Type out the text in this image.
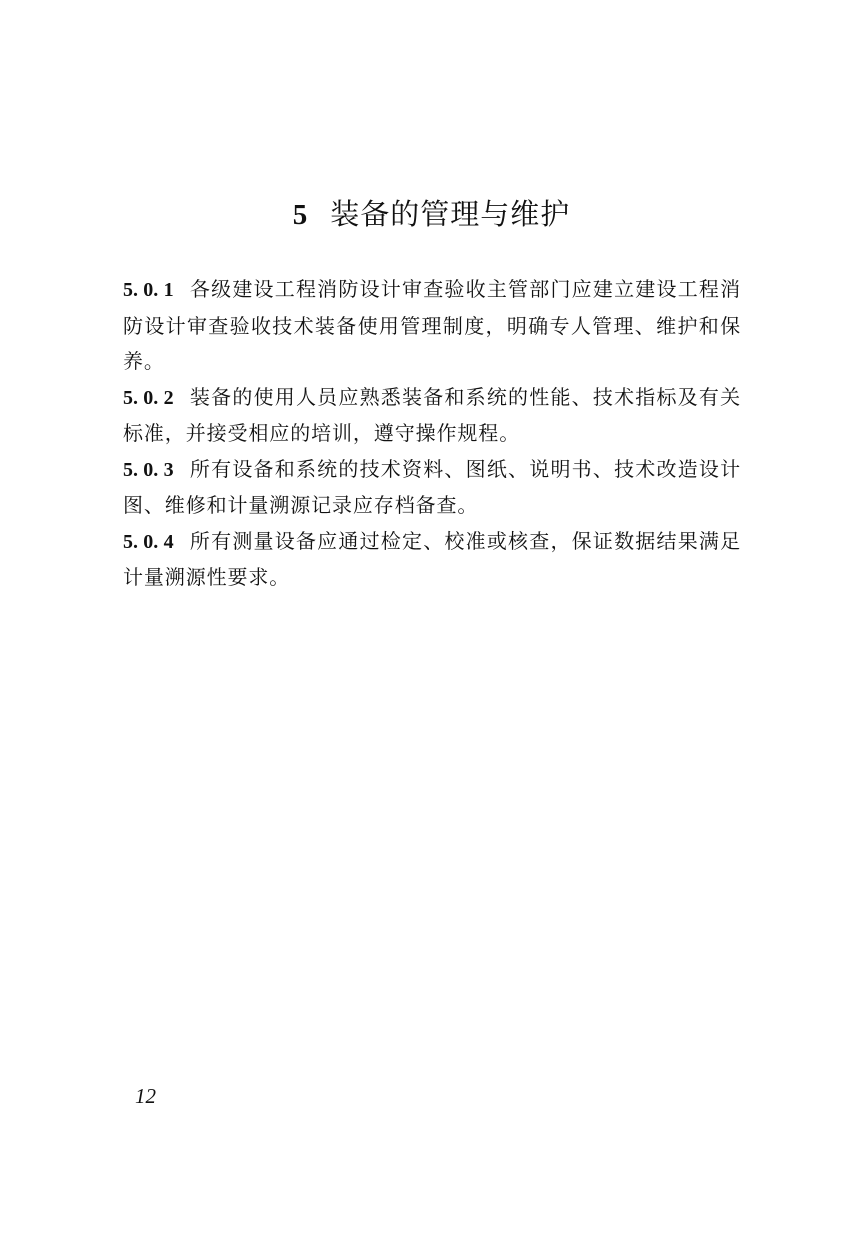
5 装备的管理与维护

5. 0. 1 各级建设工程消防设计审查验收主管部门应建立建设工程消防设计审查验收技术装备使用管理制度，明确专人管理、维护和保养。

5. 0. 2 装备的使用人员应熟悉装备和系统的性能、技术指标及有关标准，并接受相应的培训，遵守操作规程。

5. 0. 3 所有设备和系统的技术资料、图纸、说明书、技术改造设计图、维修和计量溯源记录应存档备查。

5. 0. 4 所有测量设备应通过检定、校准或核查，保证数据结果满足计量溯源性要求。

12
